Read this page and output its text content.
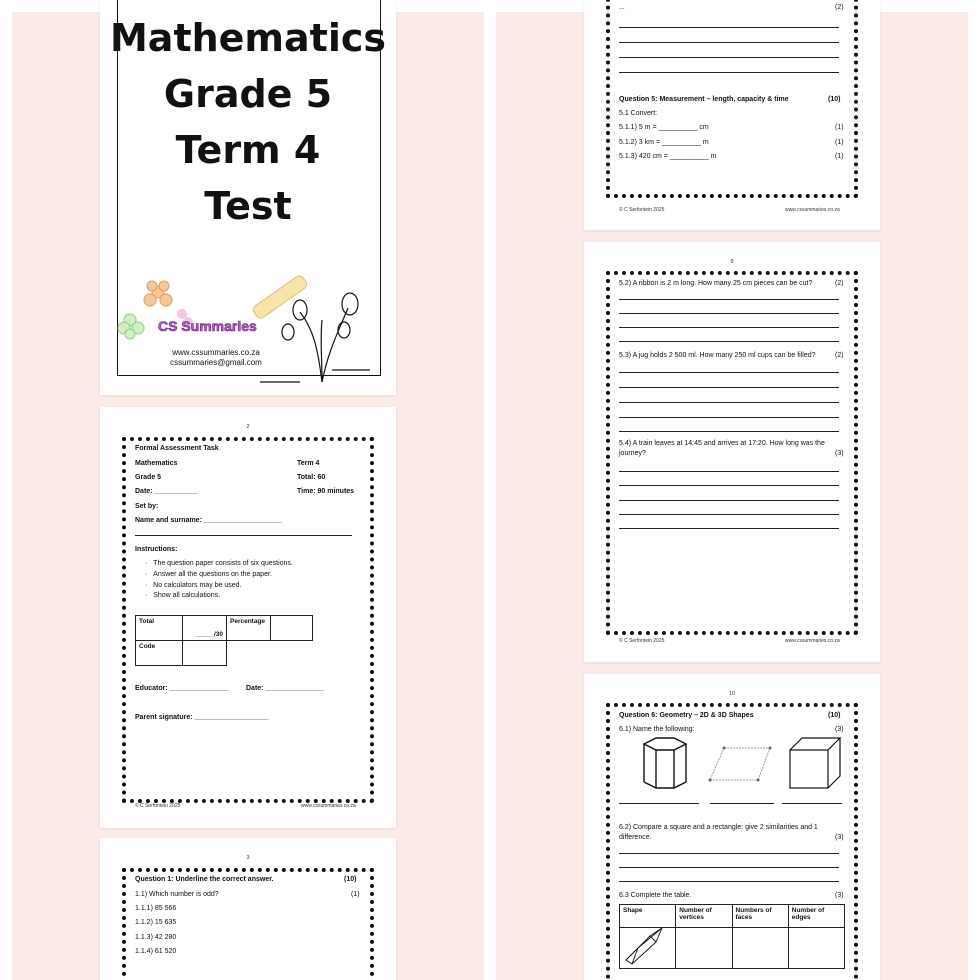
Mathematics
Grade 5
Term 4
Test
CS Summaries
www.cssummaries.co.za
cssummaries@gmail.com
2
Formal Assessment Task
Mathematics	Term 4
Grade 5	Total: 60
Date: ___________	Time: 90 minutes
Set by:
Name and surname: ____________________
Instructions:
·   The question paper consists of six questions.
·   Answer all the questions on the paper.
·   No calculators may be used.
·   Show all calculations.
Total	_____/30	Percentage	
Code			
Educator: _______________	Date: _______________
Parent signature: ___________________
© C Serfontein 2025	www.cssummaries.co.za
3
Question 1: Underline the correct answer.	(10)
1.1) Which number is odd?	(1)
1.1.1) 85 566
1.1.2) 15 635
1.1.3) 42 280
1.1.4) 61 520
...	(2)
Question 5: Measurement – length, capacity & time	(10)
5.1 Convert:
5.1.1) 5 m = __________ cm	(1)
5.1.2) 3 km = __________ m	(1)
5.1.3) 420 cm = __________ m	(1)
© C Serfontein 2025	www.cssummaries.co.za
9
5.2) A ribbon is 2 m long. How many 25 cm pieces can be cut?	(2)
5.3) A jug holds 2 500 ml. How many 250 ml cups can be filled?	(2)
5.4) A train leaves at 14:45 and arrives at 17:20. How long was the
journey?	(3)
© C Serfontein 2025	www.cssummaries.co.za
10
Question 6: Geometry – 2D & 3D Shapes	(10)
6.1) Name the following:	(3)
6.2) Compare a square and a rectangle: give 2 similarities and 1
difference.	(3)
6.3 Complete the table.	(3)
Shape	Number of vertices	Numbers of faces	Number of edges
